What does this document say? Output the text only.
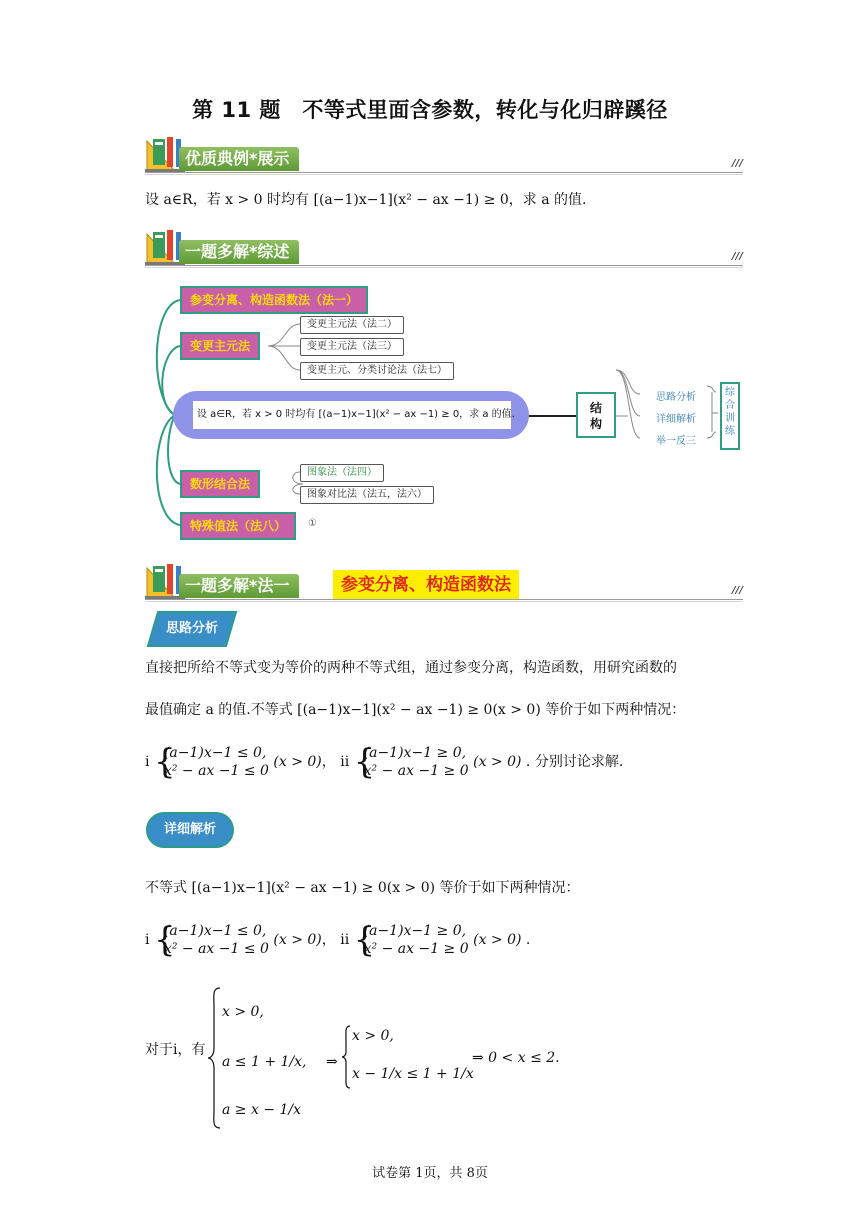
第 11 题　不等式里面含参数，转化与化归辟蹊径
优质典例*展示	///
设 a∈R，若 x > 0 时均有 [(a−1)x−1](x² − ax −1) ≥ 0，求 a 的值.
一题多解*综述	///
参变分离、构造函数法（法一）
变更主元法
数形结合法
特殊值法（法八）	①
变更主元法（法二）
变更主元法（法三）
变更主元、分类讨论法（法七）
图象法（法四）
图象对比法（法五，法六）
设 a∈R，若 x > 0 时均有 [(a−1)x−1](x² − ax −1) ≥ 0，求 a 的值.	结构
思路分析
详细解析
举一反三
综合训练
一题多解*法一	参变分离、构造函数法	///
思路分析
直接把所给不等式变为等价的两种不等式组，通过参变分离，构造函数，用研究函数的
最值确定 a 的值.不等式 [(a−1)x−1](x² − ax −1) ≥ 0(x > 0) 等价于如下两种情况：
i {
(a−1)x−1 ≤ 0,
x² − ax −1 ≤ 0
(x > 0)， ii {
(a−1)x−1 ≥ 0,
x² − ax −1 ≥ 0
(x > 0) . 分别讨论求解.
详细解析
不等式 [(a−1)x−1](x² − ax −1) ≥ 0(x > 0) 等价于如下两种情况：
i {
(a−1)x−1 ≤ 0,
x² − ax −1 ≤ 0
(x > 0)， ii {
(a−1)x−1 ≥ 0,
x² − ax −1 ≥ 0
(x > 0) .
对于i，有
x > 0,
a ≤ 1 + 1/x,
a ≥ x − 1/x
⇒
x > 0,
x − 1/x ≤ 1 + 1/x
⇒ 0 < x ≤ 2.
试卷第 1页，共 8页
